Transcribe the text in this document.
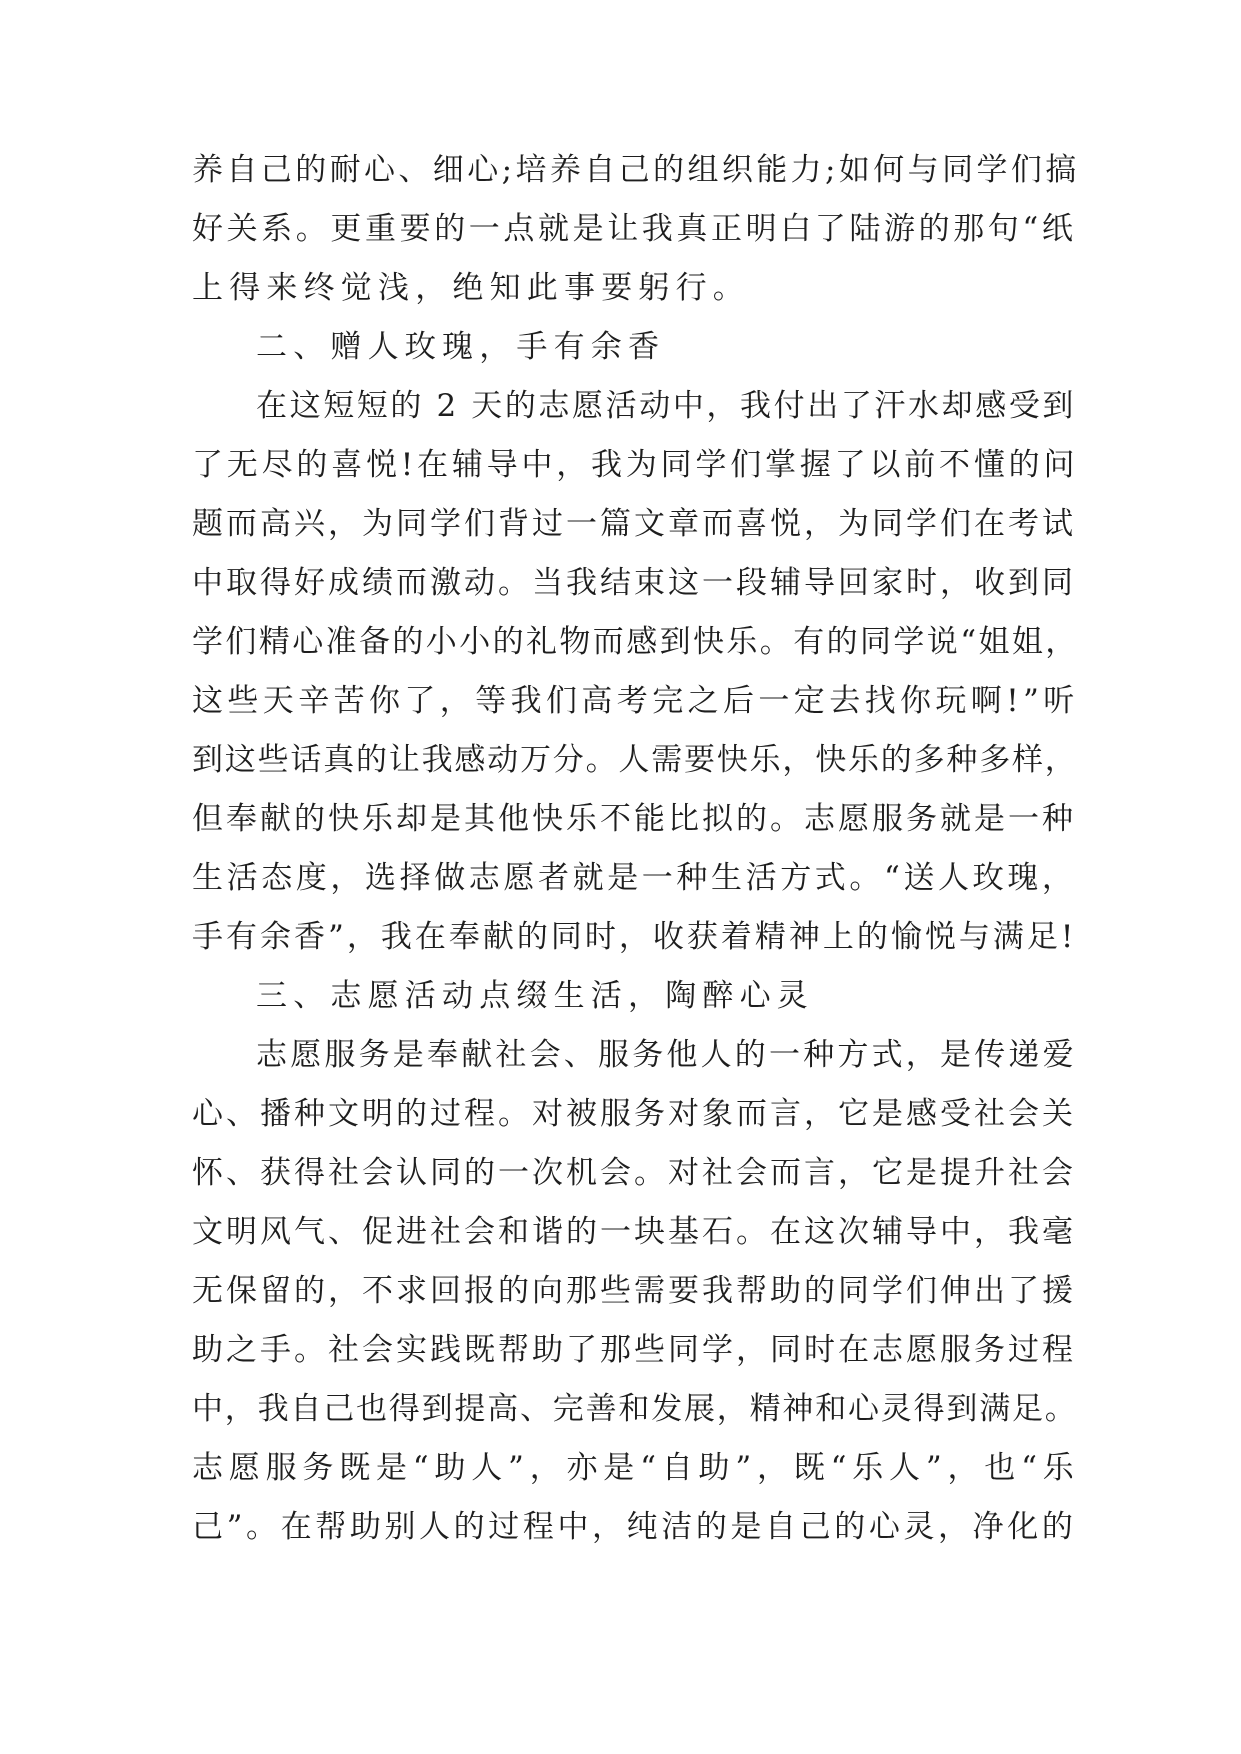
养自己的耐心、细心;培养自己的组织能力;如何与同学们搞
好关系。更重要的一点就是让我真正明白了陆游的那句“纸
上得来终觉浅，绝知此事要躬行。
二、赠人玫瑰，手有余香
在这短短的 2 天的志愿活动中，我付出了汗水却感受到
了无尽的喜悦!在辅导中，我为同学们掌握了以前不懂的问
题而高兴，为同学们背过一篇文章而喜悦，为同学们在考试
中取得好成绩而激动。当我结束这一段辅导回家时，收到同
学们精心准备的小小的礼物而感到快乐。有的同学说“姐姐，
这些天辛苦你了，等我们高考完之后一定去找你玩啊!”听
到这些话真的让我感动万分。人需要快乐，快乐的多种多样，
但奉献的快乐却是其他快乐不能比拟的。志愿服务就是一种
生活态度，选择做志愿者就是一种生活方式。“送人玫瑰，
手有余香”，我在奉献的同时，收获着精神上的愉悦与满足!
三、志愿活动点缀生活，陶醉心灵
志愿服务是奉献社会、服务他人的一种方式，是传递爱
心、播种文明的过程。对被服务对象而言，它是感受社会关
怀、获得社会认同的一次机会。对社会而言，它是提升社会
文明风气、促进社会和谐的一块基石。在这次辅导中，我毫
无保留的，不求回报的向那些需要我帮助的同学们伸出了援
助之手。社会实践既帮助了那些同学，同时在志愿服务过程
中，我自己也得到提高、完善和发展，精神和心灵得到满足。
志愿服务既是“助人”，亦是“自助”，既“乐人”，也“乐
己”。在帮助别人的过程中，纯洁的是自己的心灵，净化的
